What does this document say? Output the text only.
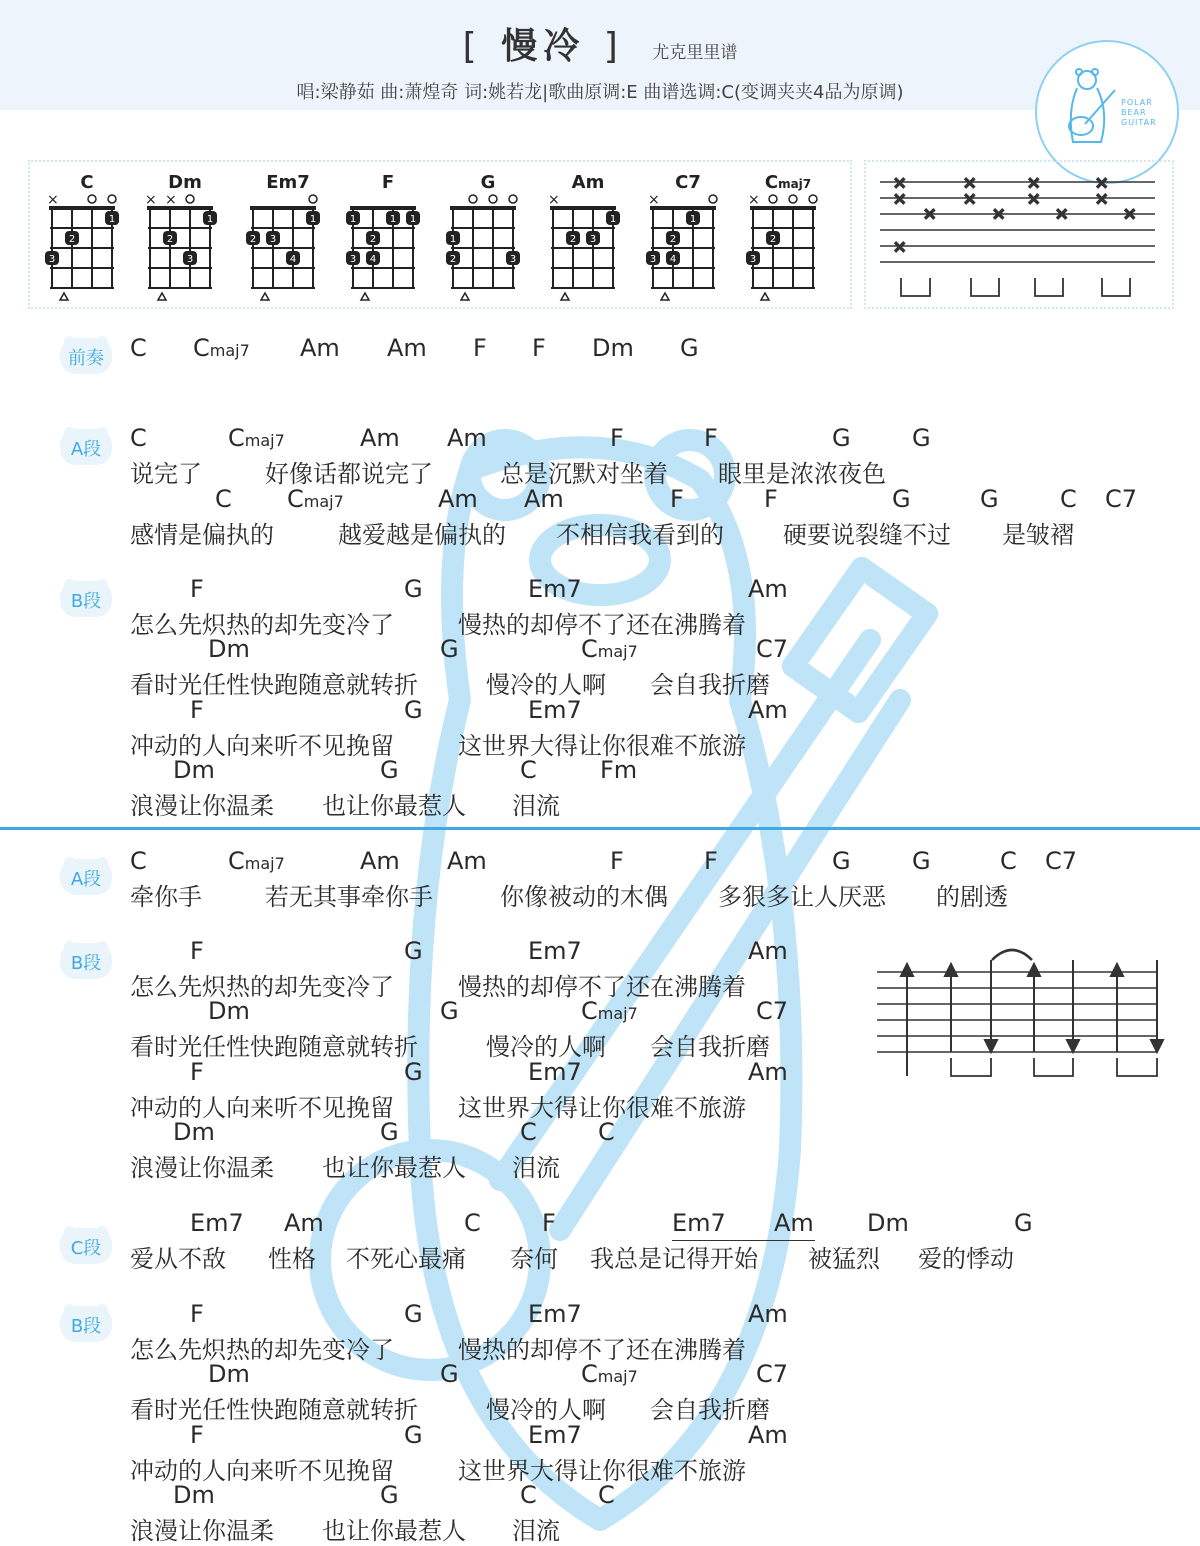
[ 慢冷 ] 尤克里里谱
唱:梁静茹 曲:萧煌奇 词:姚若龙|歌曲原调:E 曲谱选调:C(变调夹夹4品为原调)	POLAR
BEAR
GUITAR
C
×
1
2
3
Dm
× ×
1
2
3
Em7
1
2 3
4
F
1	1 1
2
3 4
G
1
2	3
Am
×
1
2 3
C7
×
1
2
3 4
Cmaj7
×
2
3
×
×
×
×
×
×
×
×
×
×
×
×
×
前奏	C Cmaj7 Am Am F F Dm G
A段	C	Cmaj7	Am Am	F	F	G	G
说完了	好像话都说完了	总是沉默对坐着 眼里是浓浓夜色
C Cmaj7	Am Am	F	F	G	G	C C7
感情是偏执的	越爱越是偏执的 不相信我看到的 硬要说裂缝不过 是皱褶
B段	F	G	Em7	Am
怎么先炽热的却先变冷了	慢热的却停不了还在沸腾着
Dm	G	Cmaj7	C7
看时光任性快跑随意就转折	慢冷的人啊 会自我折磨
F	G	Em7	Am
冲动的人向来听不见挽留	这世界大得让你很难不旅游
Dm	G	C	Fm
浪漫让你温柔 也让你最惹人 泪流
A段
C	Cmaj7	Am Am	F	F	G	G	C C7
牵你手	若无其事牵你手	你像被动的木偶 多狠多让人厌恶 的剧透
B段	F	G	Em7	Am
怎么先炽热的却先变冷了	慢热的却停不了还在沸腾着
Dm	G	Cmaj7	C7
看时光任性快跑随意就转折	慢冷的人啊 会自我折磨
F	G	Em7	Am
冲动的人向来听不见挽留	这世界大得让你很难不旅游
Dm	G	C	C
浪漫让你温柔 也让你最惹人 泪流
C段
Em7 Am	C	F	Em7 Am Dm	G
爱从不敌 性格 不死心最痛 奈何 我总是记得开始 被猛烈 爱的悸动
B段	F	G	Em7	Am
怎么先炽热的却先变冷了	慢热的却停不了还在沸腾着
Dm	G	Cmaj7	C7
看时光任性快跑随意就转折	慢冷的人啊 会自我折磨
F	G	Em7	Am
冲动的人向来听不见挽留	这世界大得让你很难不旅游
Dm	G	C	C
浪漫让你温柔 也让你最惹人 泪流
